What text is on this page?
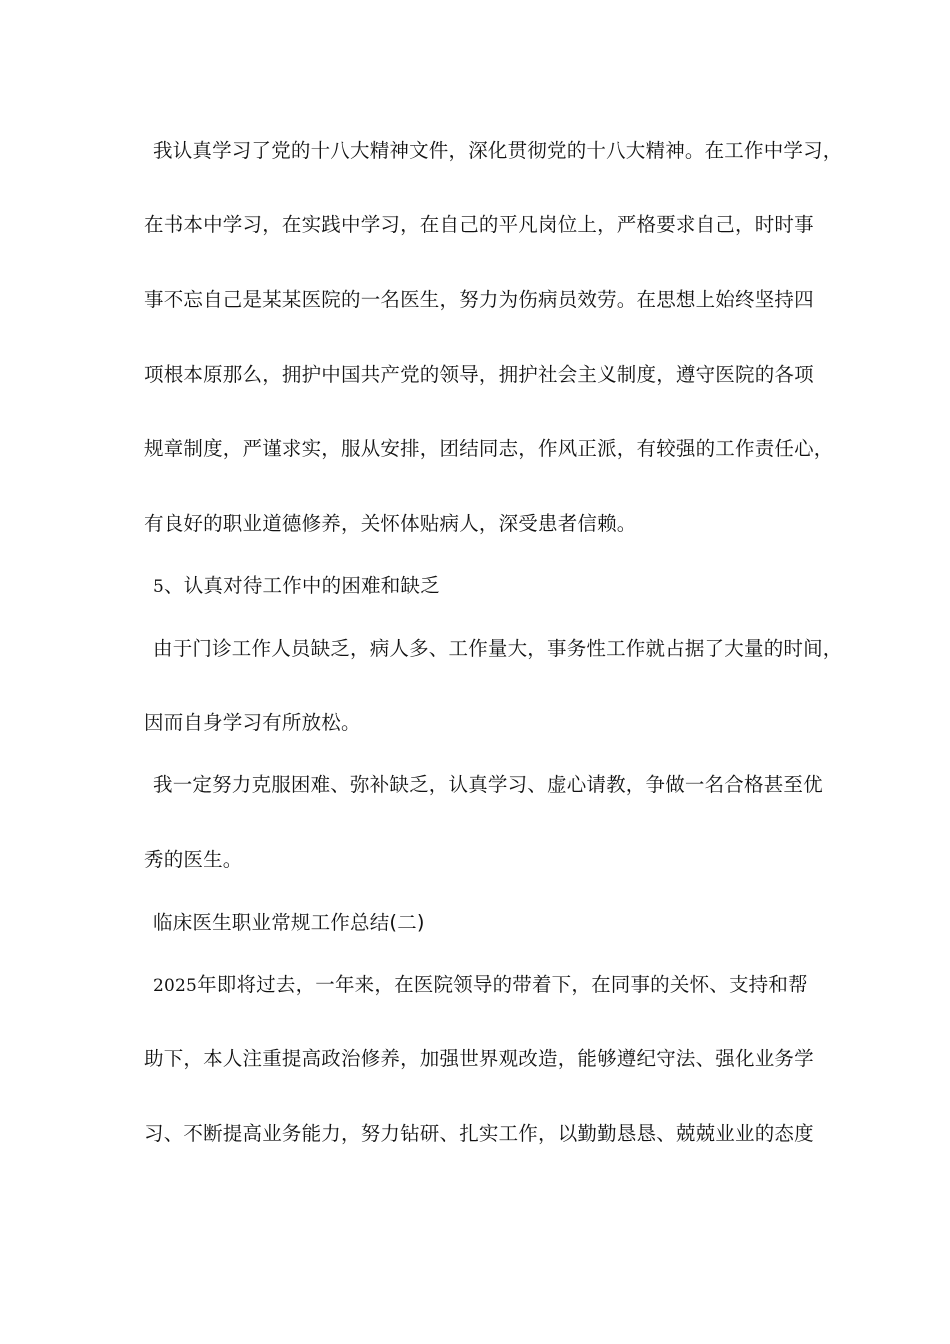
我认真学习了党的十八大精神文件，深化贯彻党的十八大精神。在工作中学习，
在书本中学习，在实践中学习，在自己的平凡岗位上，严格要求自己，时时事
事不忘自己是某某医院的一名医生，努力为伤病员效劳。在思想上始终坚持四
项根本原那么，拥护中国共产党的领导，拥护社会主义制度，遵守医院的各项
规章制度，严谨求实，服从安排，团结同志，作风正派，有较强的工作责任心，
有良好的职业道德修养，关怀体贴病人，深受患者信赖。
5、认真对待工作中的困难和缺乏
由于门诊工作人员缺乏，病人多、工作量大，事务性工作就占据了大量的时间，
因而自身学习有所放松。
我一定努力克服困难、弥补缺乏，认真学习、虚心请教，争做一名合格甚至优
秀的医生。
临床医生职业常规工作总结(二)
2025年即将过去，一年来，在医院领导的带着下，在同事的关怀、支持和帮
助下，本人注重提高政治修养，加强世界观改造，能够遵纪守法、强化业务学
习、不断提高业务能力，努力钻研、扎实工作，以勤勤恳恳、兢兢业业的态度
